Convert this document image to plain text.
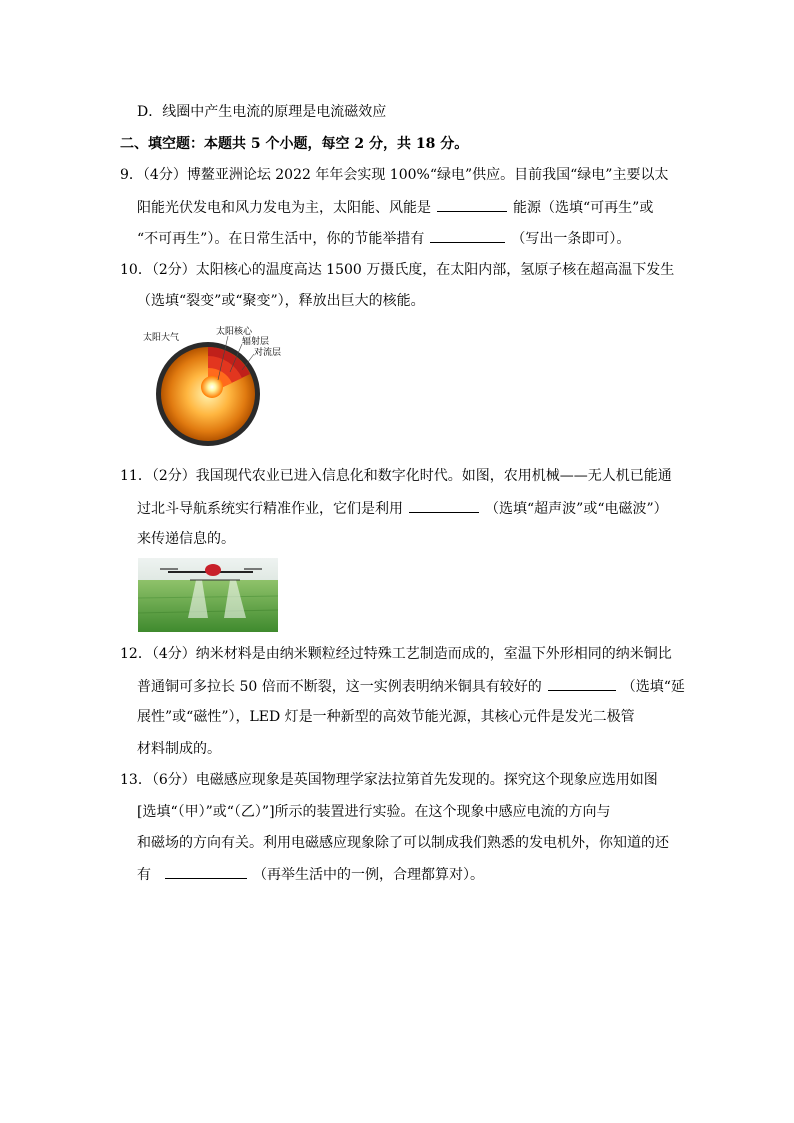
D．线圈中产生电流的原理是电流磁效应
二、填空题：本题共 5 个小题，每空 2 分，共 18 分。
9．（4分）博鳌亚洲论坛 2022 年年会实现 100%“绿电”供应。目前我国“绿电”主要以太
阳能光伏发电和风力发电为主，太阳能、风能是	能源（选填“可再生”或
“不可再生”）。在日常生活中，你的节能举措有	（写出一条即可）。
10．（2分）太阳核心的温度高达 1500 万摄氏度，在太阳内部，氢原子核在超高温下发生
（选填“裂变”或“聚变”），释放出巨大的核能。
太阳大气
太阳核心
辐射层
对流层
11．（2分）我国现代农业已进入信息化和数字化时代。如图，农用机械——无人机已能通
过北斗导航系统实行精准作业，它们是利用	（选填“超声波”或“电磁波”）
来传递信息的。
12．（4分）纳米材料是由纳米颗粒经过特殊工艺制造而成的，室温下外形相同的纳米铜比
普通铜可多拉长 50 倍而不断裂，这一实例表明纳米铜具有较好的	（选填“延
展性”或“磁性”），LED 灯是一种新型的高效节能光源，其核心元件是发光二极管
材料制成的。
13．（6分）电磁感应现象是英国物理学家法拉第首先发现的。探究这个现象应选用如图
[选填“（甲）”或“（乙）”]所示的装置进行实验。在这个现象中感应电流的方向与
和磁场的方向有关。利用电磁感应现象除了可以制成我们熟悉的发电机外，你知道的还
有	（再举生活中的一例，合理都算对）。
